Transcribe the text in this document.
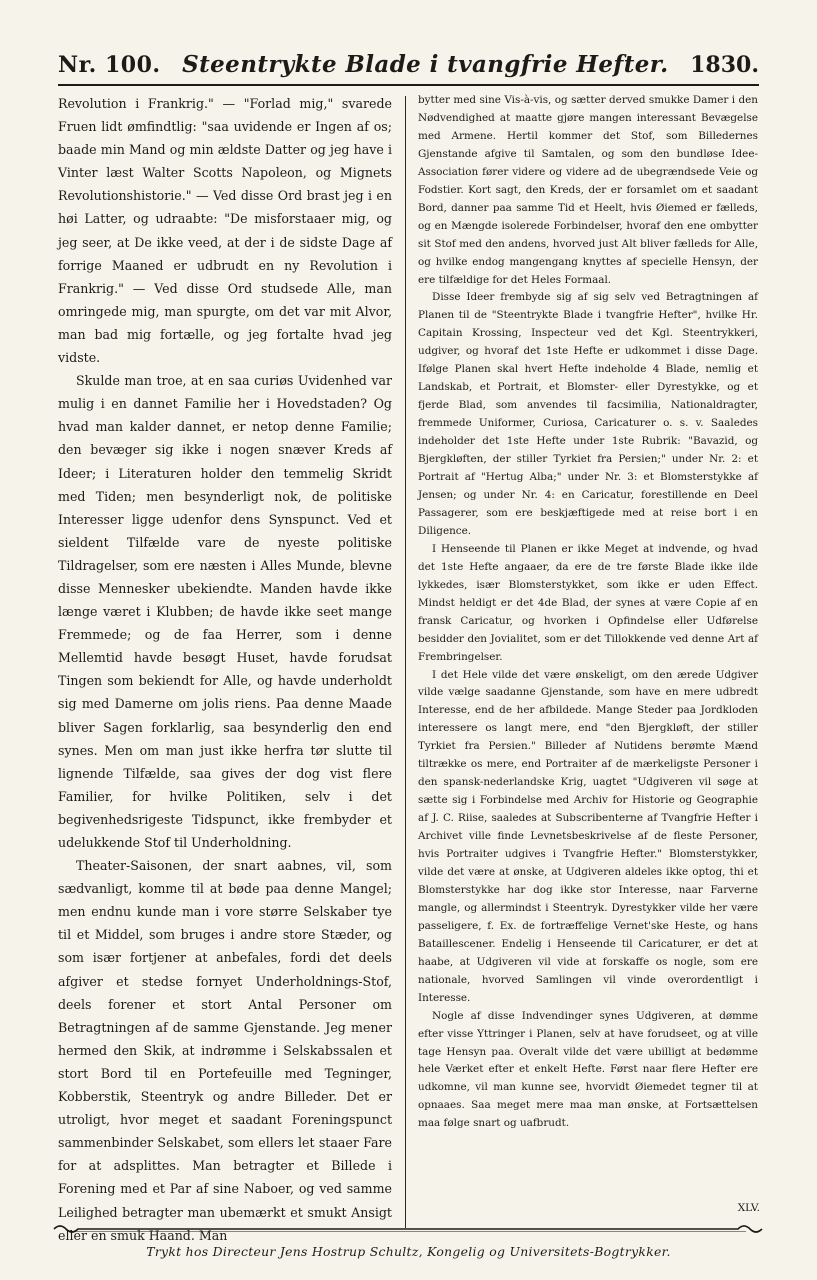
Nr. 100. Steentrykte Blade i tvangfrie Hefter. 1830.

Revolution i Frankrig." — "Forlad mig," svarede Fruen lidt ømfindtlig: "saa uvidende er Ingen af os; baade min Mand og min ældste Datter og jeg have i Vinter læst Walter Scotts Napoleon, og Mignets Revolutionshistorie." — Ved disse Ord brast jeg i en høi Latter, og udraabte: "De misforstaaer mig, og jeg seer, at De ikke veed, at der i de sidste Dage af forrige Maaned er udbrudt en ny Revolution i Frankrig." — Ved disse Ord studsede Alle, man omringede mig, man spurgte, om det var mit Alvor, man bad mig fortælle, og jeg fortalte hvad jeg vidste.

Skulde man troe, at en saa curiøs Uvidenhed var mulig i en dannet Familie her i Hovedstaden? Og hvad man kalder dannet, er netop denne Familie; den bevæger sig ikke i nogen snæver Kreds af Ideer; i Literaturen holder den temmelig Skridt med Tiden; men besynderligt nok, de politiske Interesser ligge udenfor dens Synspunct. Ved et sieldent Tilfælde vare de nyeste politiske Tildragelser, som ere næsten i Alles Munde, blevne disse Mennesker ubekiendte. Manden havde ikke længe været i Klubben; de havde ikke seet mange Fremmede; og de faa Herrer, som i denne Mellemtid havde besøgt Huset, havde forudsat Tingen som bekiendt for Alle, og havde underholdt sig med Damerne om jolis riens. Paa denne Maade bliver Sagen forklarlig, saa besynderlig den end synes. Men om man just ikke herfra tør slutte til lignende Tilfælde, saa gives der dog vist flere Familier, for hvilke Politiken, selv i det begivenhedsrigeste Tidspunct, ikke frembyder et udelukkende Stof til Underholdning.

Theater-Saisonen, der snart aabnes, vil, som sædvanligt, komme til at bøde paa denne Mangel; men endnu kunde man i vore større Selskaber tye til et Middel, som bruges i andre store Stæder, og som især fortjener at anbefales, fordi det deels afgiver et stedse fornyet Underholdnings-Stof, deels forener et stort Antal Personer om Betragtningen af de samme Gjenstande. Jeg mener hermed den Skik, at indrømme i Selskabssalen et stort Bord til en Portefeuille med Tegninger, Kobberstik, Steentryk og andre Billeder. Det er utroligt, hvor meget et saadant Foreningspunct sammenbinder Selskabet, som ellers let staaer Fare for at adsplittes. Man betragter et Billede i Forening med et Par af sine Naboer, og ved samme Leilighed betragter man ubemærkt et smukt Ansigt eller en smuk Haand. Man

bytter med sine Vis-à-vis, og sætter derved smukke Damer i den Nødvendighed at maatte gjøre mangen interessant Bevægelse med Armene. Hertil kommer det Stof, som Billedernes Gjenstande afgive til Samtalen, og som den bundløse Idee-Association fører videre og videre ad de ubegrændsede Veie og Fodstier. Kort sagt, den Kreds, der er forsamlet om et saadant Bord, danner paa samme Tid et Heelt, hvis Øiemed er fælleds, og en Mængde isolerede Forbindelser, hvoraf den ene ombytter sit Stof med den andens, hvorved just Alt bliver fælleds for Alle, og hvilke endog mangengang knyttes af specielle Hensyn, der ere tilfældige for det Heles Formaal.

Disse Ideer frembyde sig af sig selv ved Betragtningen af Planen til de "Steentrykte Blade i tvangfrie Hefter", hvilke Hr. Capitain Krossing, Inspecteur ved det Kgl. Steentrykkeri, udgiver, og hvoraf det 1ste Hefte er udkommet i disse Dage. Ifølge Planen skal hvert Hefte indeholde 4 Blade, nemlig et Landskab, et Portrait, et Blomster- eller Dyrestykke, og et fjerde Blad, som anvendes til facsimilia, Nationaldragter, fremmede Uniformer, Curiosa, Caricaturer o. s. v. Saaledes indeholder det 1ste Hefte under 1ste Rubrik: "Bavazid, og Bjergkløften, der stiller Tyrkiet fra Persien;" under Nr. 2: et Portrait af "Hertug Alba;" under Nr. 3: et Blomsterstykke af Jensen; og under Nr. 4: en Caricatur, forestillende en Deel Passagerer, som ere beskjæftigede med at reise bort i en Diligence.

I Henseende til Planen er ikke Meget at indvende, og hvad det 1ste Hefte angaaer, da ere de tre første Blade ikke ilde lykkedes, især Blomsterstykket, som ikke er uden Effect. Mindst heldigt er det 4de Blad, der synes at være Copie af en fransk Caricatur, og hvorken i Opfindelse eller Udførelse besidder den Jovialitet, som er det Tillokkende ved denne Art af Frembringelser.

I det Hele vilde det være ønskeligt, om den ærede Udgiver vilde vælge saadanne Gjenstande, som have en mere udbredt Interesse, end de her afbildede. Mange Steder paa Jordkloden interessere os langt mere, end "den Bjergkløft, der stiller Tyrkiet fra Persien." Billeder af Nutidens berømte Mænd tiltrække os mere, end Portraiter af de mærkeligste Personer i den spansk-nederlandske Krig, uagtet "Udgiveren vil søge at sætte sig i Forbindelse med Archiv for Historie og Geographie af J. C. Riise, saaledes at Subscribenterne af Tvangfrie Hefter i Archivet ville finde Levnetsbeskrivelse af de fleste Personer, hvis Portraiter udgives i Tvangfrie Hefter." Blomsterstykker, vilde det være at ønske, at Udgiveren aldeles ikke optog, thi et Blomsterstykke har dog ikke stor Interesse, naar Farverne mangle, og allermindst i Steentryk. Dyrestykker vilde her være passeligere, f. Ex. de fortræffelige Vernet'ske Heste, og hans Bataillescener. Endelig i Henseende til Caricaturer, er det at haabe, at Udgiveren vil vide at forskaffe os nogle, som ere nationale, hvorved Samlingen vil vinde overordentligt i Interesse.

Nogle af disse Indvendinger synes Udgiveren, at dømme efter visse Yttringer i Planen, selv at have forudseet, og at ville tage Hensyn paa. Overalt vilde det være ubilligt at bedømme hele Værket efter et enkelt Hefte. Først naar flere Hefter ere udkomne, vil man kunne see, hvorvidt Øiemedet tegner til at opnaaes. Saa meget mere maa man ønske, at Fortsættelsen maa følge snart og uafbrudt.

XLV.
Trykt hos Directeur Jens Hostrup Schultz, Kongelig og Universitets-Bogtrykker.
